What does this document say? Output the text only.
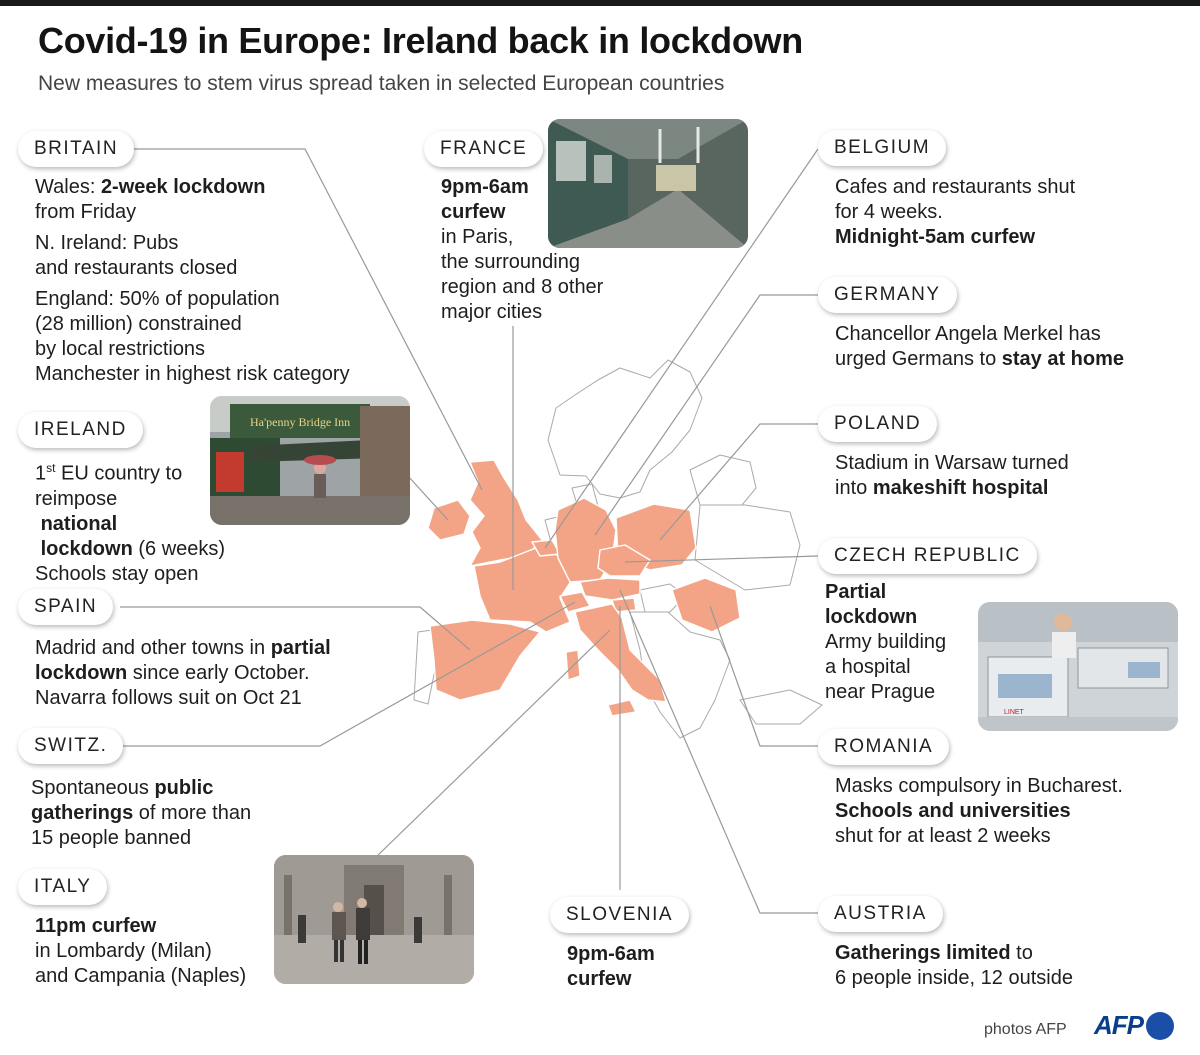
Covid-19 in Europe: Ireland back in lockdown
New measures to stem virus spread taken in selected European countries
Ha'penny Bridge Inn
LINET
BRITAIN

Wales: 2-week lockdown

from Friday

N. Ireland: Pubs

and restaurants closed

England: 50% of population

(28 million) constrained

by local restrictions

Manchester in highest risk category

FRANCE

9pm-6am

curfew

in Paris,

the surrounding

region and 8 other

major cities

BELGIUM

Cafes and restaurants shut

for 4 weeks.

Midnight-5am curfew

GERMANY

Chancellor Angela Merkel has

urged Germans to stay at home

POLAND

Stadium in Warsaw turned

into makeshift hospital

CZECH REPUBLIC

Partial

lockdown

Army building

a hospital

near Prague

IRELAND

1st EU country to

reimpose

national

lockdown (6 weeks)

Schools stay open

SPAIN

Madrid and other towns in partial

lockdown since early October.

Navarra follows suit on Oct 21

SWITZ.

Spontaneous public

gatherings of more than

15 people banned

ITALY

11pm curfew

in Lombardy (Milan)

and Campania (Naples)

SLOVENIA

9pm-6am

curfew

ROMANIA

Masks compulsory in Bucharest.

Schools and universities

shut for at least 2 weeks

AUSTRIA

Gatherings limited to

6 people inside, 12 outside

photos AFP AFP
